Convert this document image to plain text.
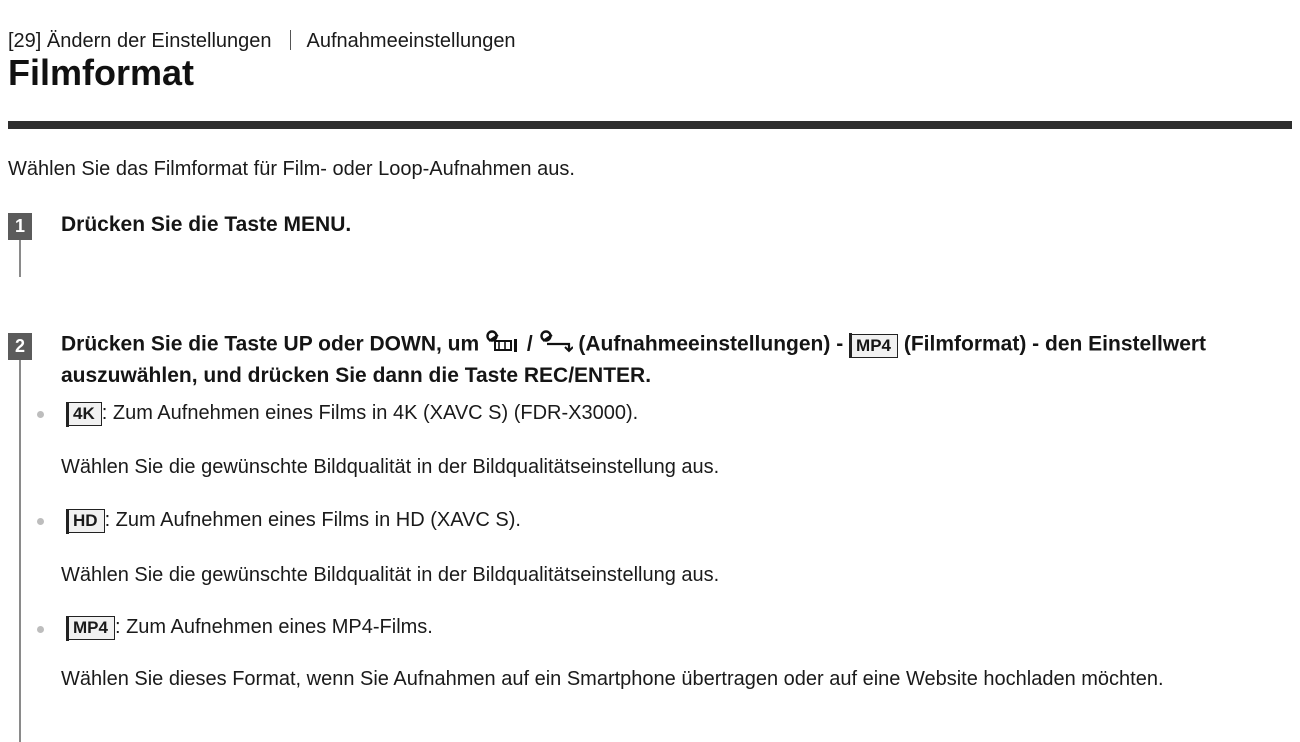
[29] Ändern der Einstellungen Aufnahmeeinstellungen
Filmformat
Wählen Sie das Filmformat für Film- oder Loop-Aufnahmen aus.
1	Drücken Sie die Taste MENU.
2	Drücken Sie die Taste UP oder DOWN, um  /  (Aufnahmeeinstellungen) - MP4 (Filmformat) - den Einstellwert auszuwählen, und drücken Sie dann die Taste REC/ENTER.
4K : Zum Aufnehmen eines Films in 4K (XAVC S) (FDR-X3000).
Wählen Sie die gewünschte Bildqualität in der Bildqualitätseinstellung aus.
HD : Zum Aufnehmen eines Films in HD (XAVC S).
Wählen Sie die gewünschte Bildqualität in der Bildqualitätseinstellung aus.
MP4 : Zum Aufnehmen eines MP4-Films.
Wählen Sie dieses Format, wenn Sie Aufnahmen auf ein Smartphone übertragen oder auf eine Website hochladen möchten.
